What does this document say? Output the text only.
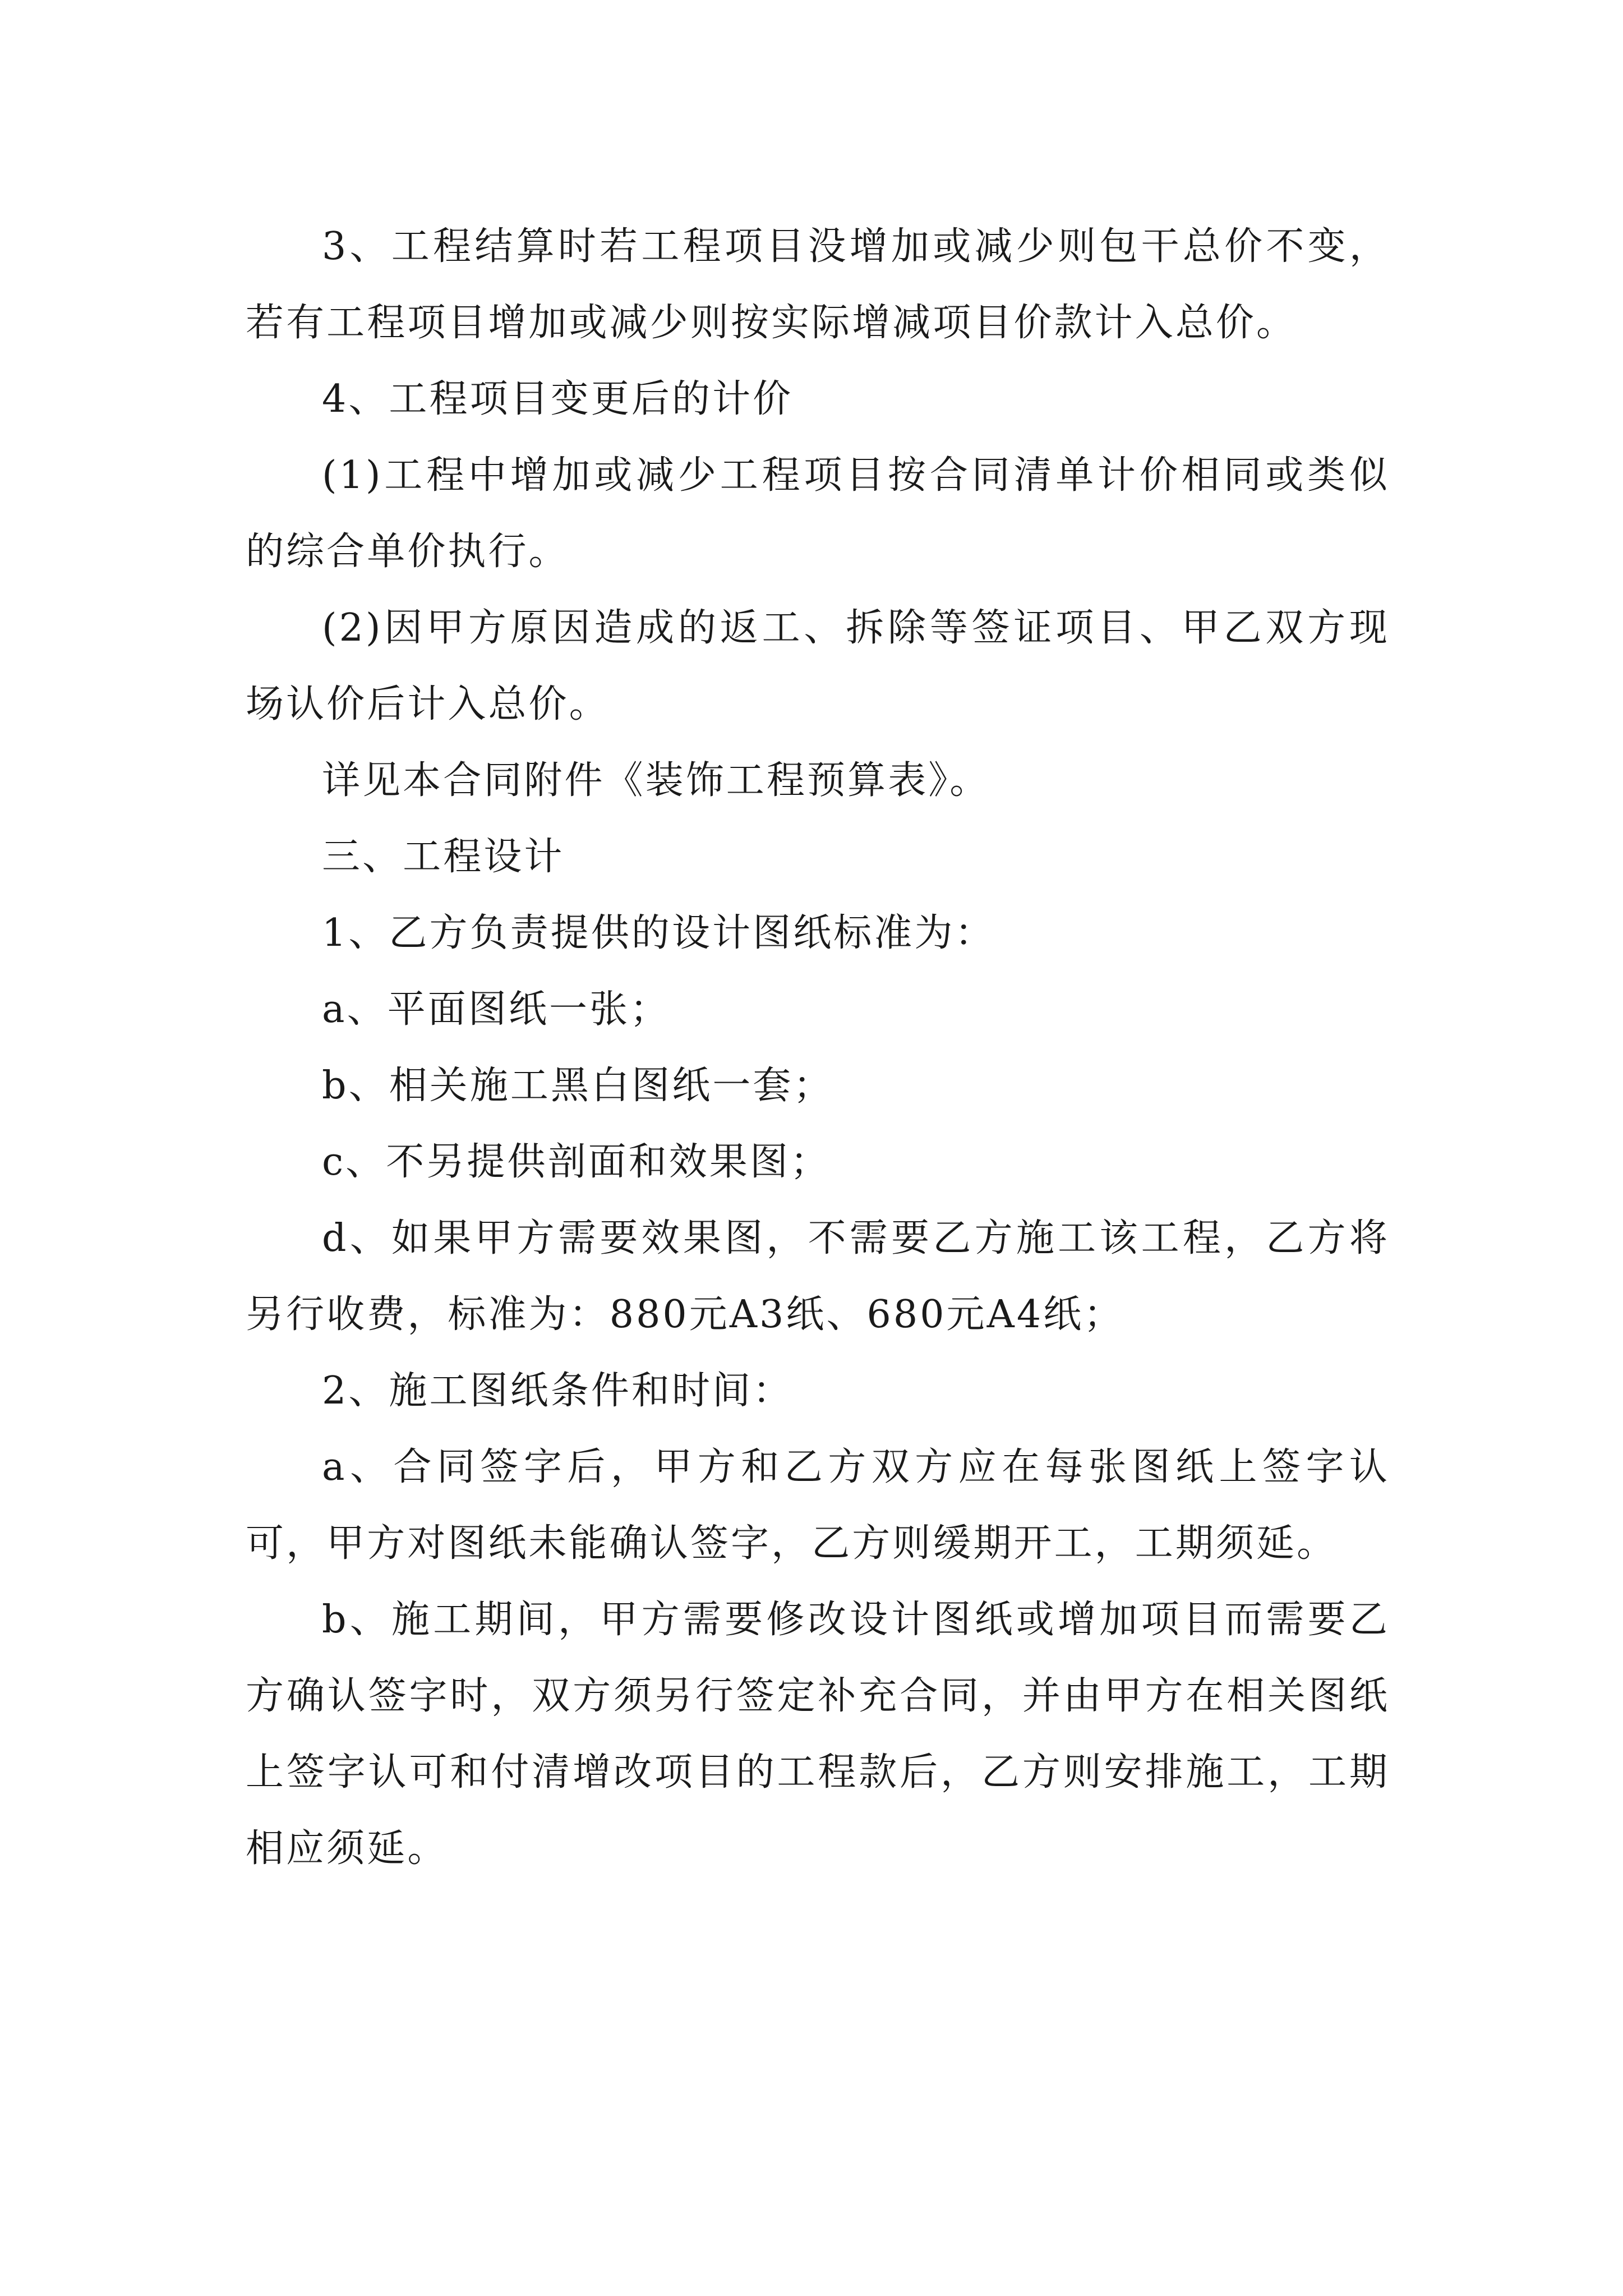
3、工程结算时若工程项目没增加或减少则包干总价不变，若有工程项目增加或减少则按实际增减项目价款计入总价。

4、工程项目变更后的计价

(1)工程中增加或减少工程项目按合同清单计价相同或类似的综合单价执行。

(2)因甲方原因造成的返工、拆除等签证项目、甲乙双方现场认价后计入总价。

详见本合同附件《装饰工程预算表》。

三、工程设计

1、乙方负责提供的设计图纸标准为：

a、平面图纸一张；

b、相关施工黑白图纸一套；

c、不另提供剖面和效果图；

d、如果甲方需要效果图，不需要乙方施工该工程，乙方将另行收费，标准为：880元A3纸、680元A4纸；

2、施工图纸条件和时间：

a、合同签字后，甲方和乙方双方应在每张图纸上签字认可，甲方对图纸未能确认签字，乙方则缓期开工，工期须延。

b、施工期间，甲方需要修改设计图纸或增加项目而需要乙方确认签字时，双方须另行签定补充合同，并由甲方在相关图纸上签字认可和付清增改项目的工程款后，乙方则安排施工，工期相应须延。
